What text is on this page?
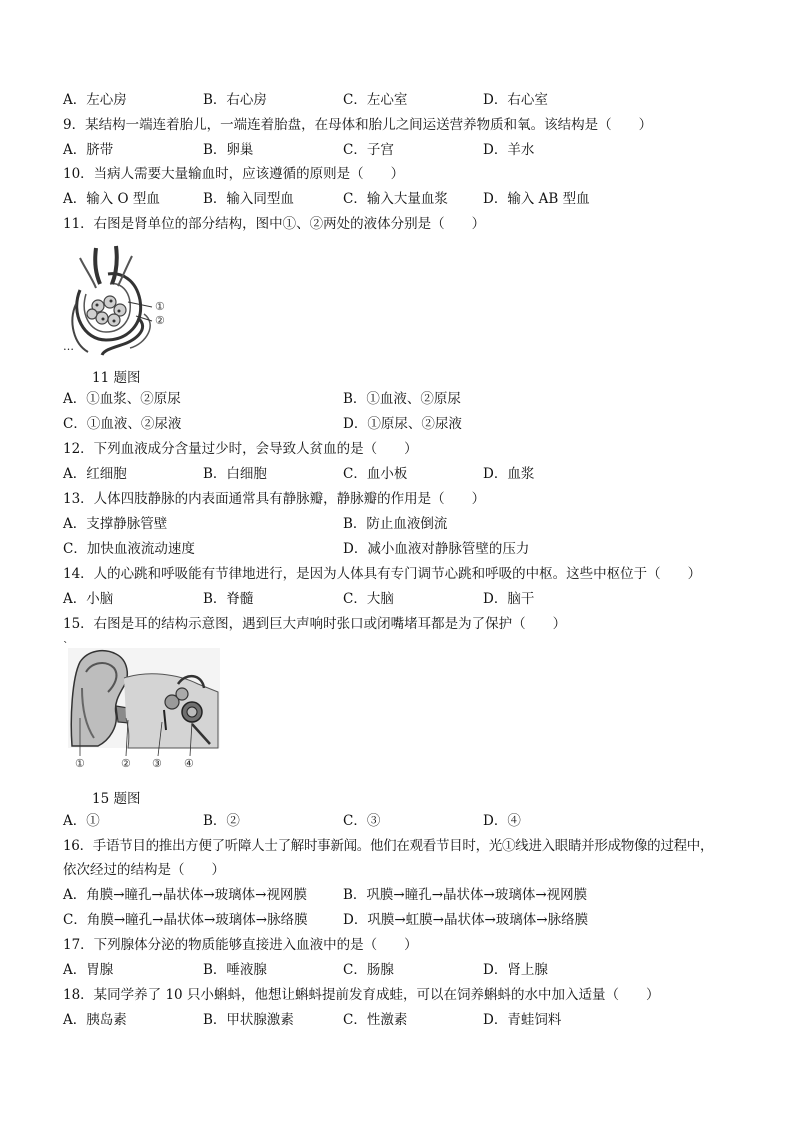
A．左心房	B．右心房	C．左心室	D．右心室
9．某结构一端连着胎儿，一端连着胎盘，在母体和胎儿之间运送营养物质和氧。该结构是（　　）
A．脐带	B．卵巢	C．子宫	D．羊水
10．当病人需要大量输血时，应该遵循的原则是（　　）
A．输入 O 型血	B．输入同型血	C．输入大量血浆	D．输入 AB 型血
11．右图是肾单位的部分结构，图中①、②两处的液体分别是（　　）
①
②
…
11 题图
A．①血浆、②原尿	B．①血液、②原尿
C．①血液、②尿液	D．①原尿、②尿液
12．下列血液成分含量过少时，会导致人贫血的是（　　）
A．红细胞	B．白细胞	C．血小板	D．血浆
13．人体四肢静脉的内表面通常具有静脉瓣，静脉瓣的作用是（　　）
A．支撑静脉管壁	B．防止血液倒流
C．加快血液流动速度	D．减小血液对静脉管壁的压力
14．人的心跳和呼吸能有节律地进行，是因为人体具有专门调节心跳和呼吸的中枢。这些中枢位于（　　）
A．小脑	B．脊髓	C．大脑	D．脑干
15．右图是耳的结构示意图，遇到巨大声响时张口或闭嘴堵耳都是为了保护（　　）
`
①	② ③ ④
15 题图
A．①	B．②	C．③	D．④
16．手语节目的推出方便了听障人士了解时事新闻。他们在观看节目时，光①线进入眼睛并形成物像的过程中，
依次经过的结构是（　　）
A．角膜→瞳孔→晶状体→玻璃体→视网膜	B．巩膜→瞳孔→晶状体→玻璃体→视网膜
C．角膜→瞳孔→晶状体→玻璃体→脉络膜	D．巩膜→虹膜→晶状体→玻璃体→脉络膜
17．下列腺体分泌的物质能够直接进入血液中的是（　　）
A．胃腺	B．唾液腺	C．肠腺	D．肾上腺
18．某同学养了 10 只小蝌蚪，他想让蝌蚪提前发育成蛙，可以在饲养蝌蚪的水中加入适量（　　）
A．胰岛素	B．甲状腺激素	C．性激素	D．青蛙饲料
